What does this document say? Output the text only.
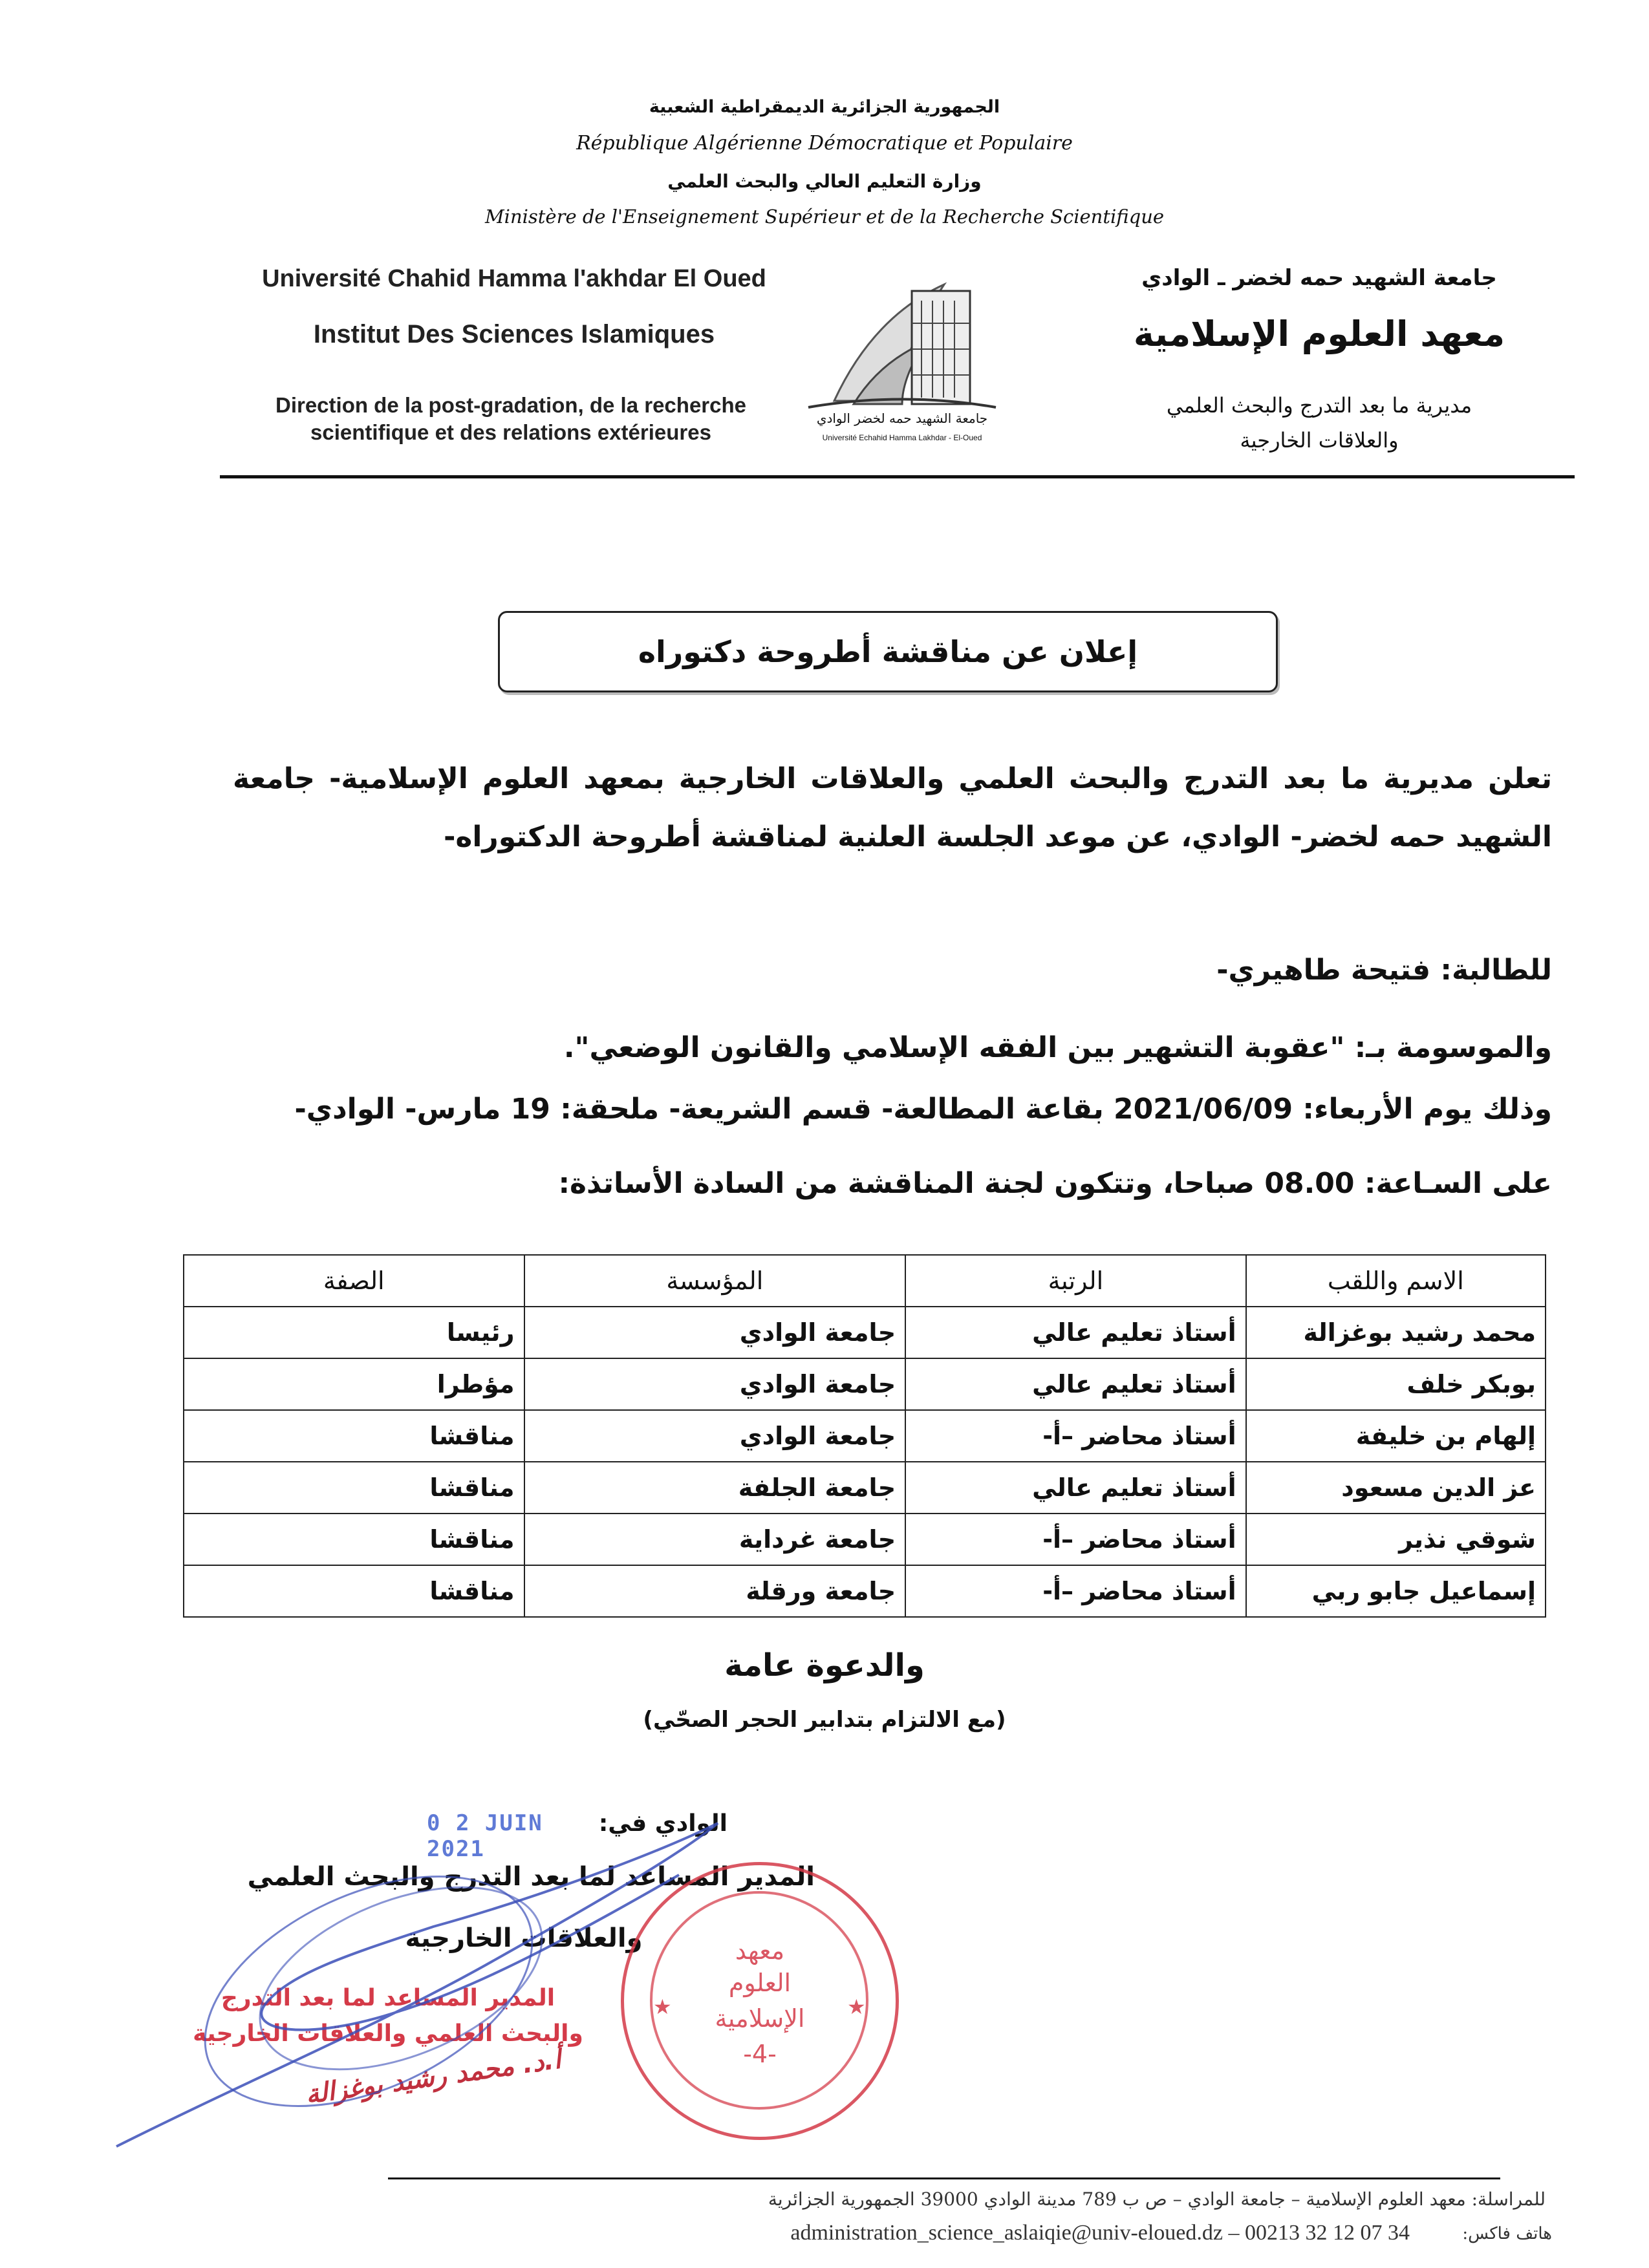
الجمهورية الجزائرية الديمقراطية الشعبية
République Algérienne Démocratique et Populaire
وزارة التعليم العالي والبحث العلمي
Ministère de l'Enseignement Supérieur et de la Recherche Scientifique
Université Chahid Hamma l'akhdar El Oued
Institut Des Sciences Islamiques
Direction de la post-gradation, de la recherche
scientifique et des relations extérieures
جامعة الشهيد حمه لخضر الوادي
Université Echahid Hamma Lakhdar - El-Oued
جامعة الشهيد حمه لخضر ـ الوادي
معهد العلوم الإسلامية
مديرية ما بعد التدرج والبحث العلمي
والعلاقات الخارجية
إعلان عن مناقشة أطروحة دكتوراه
تعلن مديرية ما بعد التدرج والبحث العلمي والعلاقات الخارجية بمعهد العلوم الإسلامية- جامعة الشهيد حمه لخضر- الوادي، عن موعد الجلسة العلنية لمناقشة أطروحة الدكتوراه-
للطالبة: فتيحة طاهيري-
والموسومة بـ: "عقوبة التشهير بين الفقه الإسلامي والقانون الوضعي".
وذلك يوم الأربعاء: 2021/06/09 بقاعة المطالعة- قسم الشريعة- ملحقة: 19 مارس- الوادي-
على السـاعة: 08.00 صباحا، وتتكون لجنة المناقشة من السادة الأساتذة:
الاسم واللقب	الرتبة	المؤسسة	الصفة
محمد رشيد بوغزالة	أستاذ تعليم عالي	جامعة الوادي	رئيسا
بوبكر خلف	أستاذ تعليم عالي	جامعة الوادي	مؤطرا
إلهام بن خليفة	أستاذ محاضر –أ-	جامعة الوادي	مناقشا
عز الدين مسعود	أستاذ تعليم عالي	جامعة الجلفة	مناقشا
شوقي نذير	أستاذ محاضر –أ-	جامعة غرداية	مناقشا
إسماعيل جابو ربي	أستاذ محاضر –أ-	جامعة ورقلة	مناقشا
والدعوة عامة
(مع الالتزام بتدابير الحجر الصحّي)
0 2 JUIN 2021
الوادي في:
المدير المساعد لما بعد التدرج والبحث العلمي
والعلاقات الخارجية
المدير المساعد لما بعد التدرج
والبحث العلمي والعلاقات الخارجية
أ.د. محمد رشيد بوغزالة
معهد
العلوم
الإسلامية
-4-
★	★
للمراسلة: معهد العلوم الإسلامية – جامعة الوادي – ص ب 789 مدينة الوادي 39000 الجمهورية الجزائرية
هاتف فاكس:
administration_science_aslaiqie@univ-eloued.dz – 00213 32 12 07 34
